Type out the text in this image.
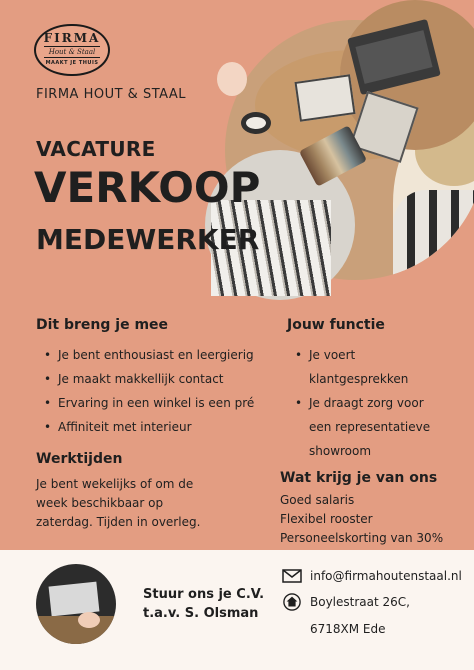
FIRMA
Hout & Staal
MAAKT JE THUIS
FIRMA HOUT & STAAL
VACATURE
VERKOOP
MEDEWERKER
Dit breng je mee
• Je bent enthousiast en leergierig
• Je maakt makkellijk contact
• Ervaring in een winkel is een pré
• Affiniteit met interieur
Jouw functie
• Je voert klantgesprekken
• Je draagt zorg voor een representatieve showroom
Werktijden
Je bent wekelijks of om de
week beschikbaar op
zaterdag. Tijden in overleg.
Wat krijg je van ons
Goed salaris
Flexibel rooster
Personeelskorting van 30%
Stuur ons je C.V.
t.a.v. S. Olsman
info@firmahoutenstaal.nl
Boylestraat 26C,
6718XM Ede
